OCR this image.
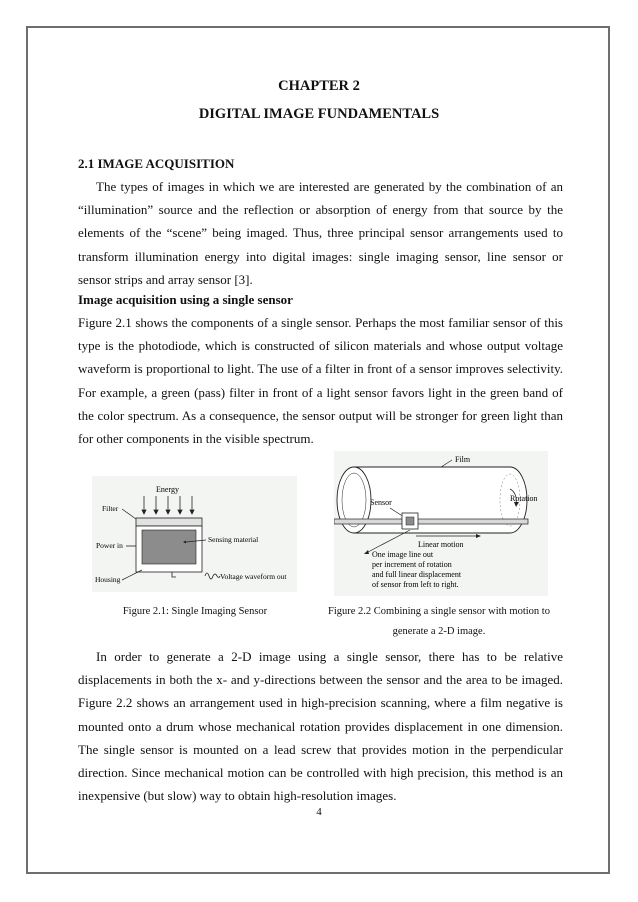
CHAPTER 2
DIGITAL IMAGE FUNDAMENTALS
2.1 IMAGE ACQUISITION

The types of images in which we are interested are generated by the combination of an “illumination” source and the reflection or absorption of energy from that source by the elements of the “scene” being imaged. Thus, three principal sensor arrangements used to transform illumination energy into digital images: single imaging sensor, line sensor or sensor strips and array sensor [3].

Image acquisition using a single sensor

Figure 2.1 shows the components of a single sensor. Perhaps the most familiar sensor of this type is the photodiode, which is constructed of silicon materials and whose output voltage waveform is proportional to light. The use of a filter in front of a sensor improves selectivity. For example, a green (pass) filter in front of a light sensor favors light in the green band of the color spectrum. As a consequence, the sensor output will be stronger for green light than for other components in the visible spectrum.

Energy
Filter
Sensing material
Power in
Housing	Voltage waveform out
Figure 2.1: Single Imaging Sensor
Film
Rotation
Sensor
Linear motion
One image line out
per increment of rotation
and full linear displacement
of sensor from left to right.
Figure 2.2 Combining a single sensor with motion to
generate a 2-D image.

In order to generate a 2-D image using a single sensor, there has to be relative displacements in both the x- and y-directions between the sensor and the area to be imaged. Figure 2.2 shows an arrangement used in high-precision scanning, where a film negative is mounted onto a drum whose mechanical rotation provides displacement in one dimension. The single sensor is mounted on a lead screw that provides motion in the perpendicular direction. Since mechanical motion can be controlled with high precision, this method is an inexpensive (but slow) way to obtain high-resolution images.

4
